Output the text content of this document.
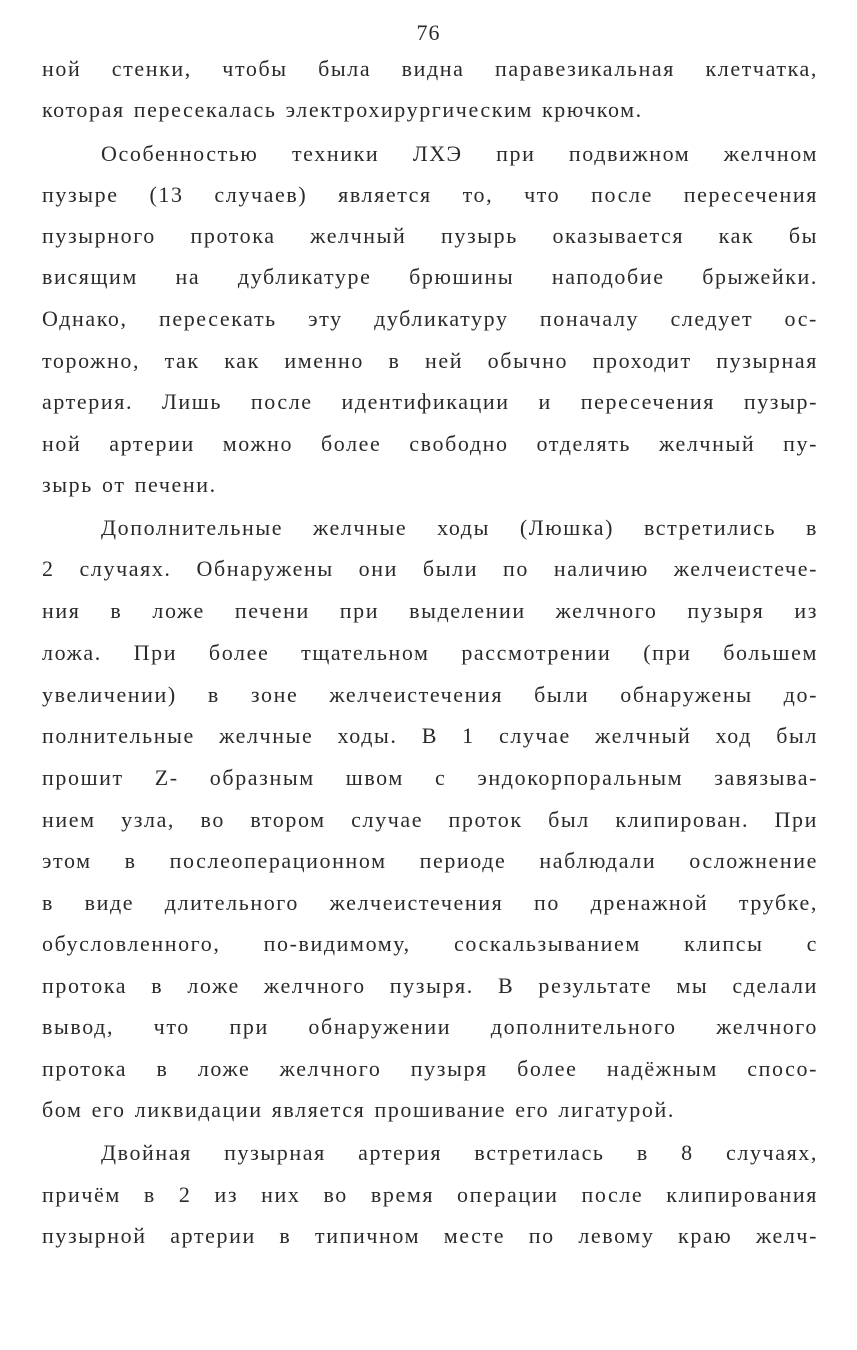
76
ной стенки, чтобы была видна паравезикальная клетчатка,
которая пересекалась электрохирургическим крючком.
Особенностью техники ЛХЭ при подвижном желчном
пузыре (13 случаев) является то, что после пересечения
пузырного протока желчный пузырь оказывается как бы
висящим на дубликатуре брюшины наподобие брыжейки.
Однако, пересекать эту дубликатуру поначалу следует ос-
торожно, так как именно в ней обычно проходит пузырная
артерия. Лишь после идентификации и пересечения пузыр-
ной артерии можно более свободно отделять желчный пу-
зырь от печени.
Дополнительные желчные ходы (Люшка) встретились в
2 случаях. Обнаружены они были по наличию желчеистече-
ния в ложе печени при выделении желчного пузыря из
ложа. При более тщательном рассмотрении (при большем
увеличении) в зоне желчеистечения были обнаружены до-
полнительные желчные ходы. В 1 случае желчный ход был
прошит Z- образным швом с эндокорпоральным завязыва-
нием узла, во втором случае проток был клипирован. При
этом в послеоперационном периоде наблюдали осложнение
в виде длительного желчеистечения по дренажной трубке,
обусловленного, по-видимому, соскальзыванием клипсы с
протока в ложе желчного пузыря. В результате мы сделали
вывод, что при обнаружении дополнительного желчного
протока в ложе желчного пузыря более надёжным спосо-
бом его ликвидации является прошивание его лигатурой.
Двойная пузырная артерия встретилась в 8 случаях,
причём в 2 из них во время операции после клипирования
пузырной артерии в типичном месте по левому краю желч-
